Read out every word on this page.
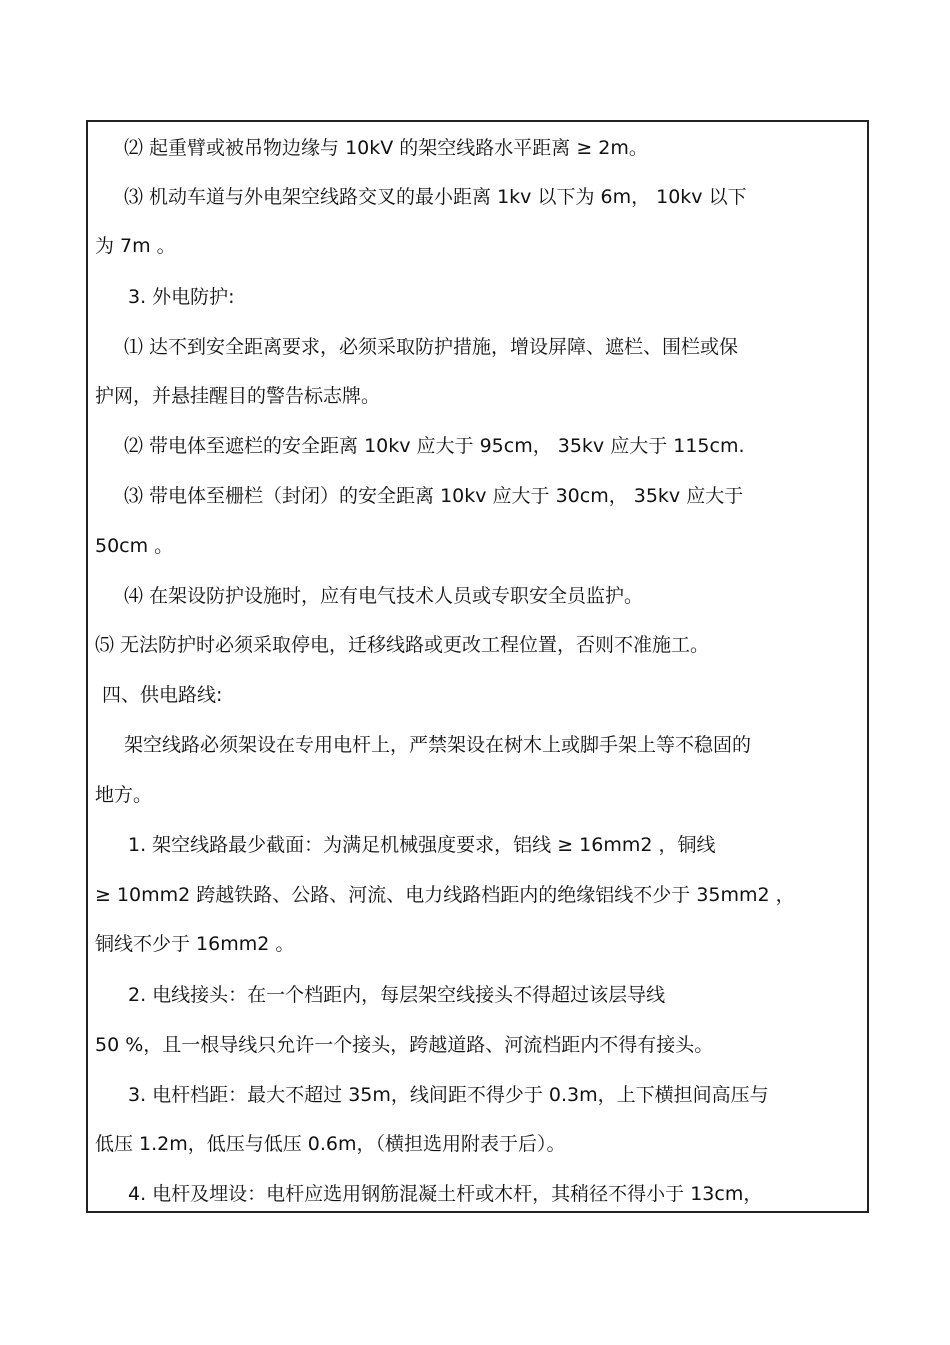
⑵ 起重臂或被吊物边缘与 10kV 的架空线路水平距离 ≥ 2m。
⑶ 机动车道与外电架空线路交叉的最小距离 1kv 以下为 6m， 10kv 以下
为 7m 。
3. 外电防护:
⑴ 达不到安全距离要求，必须采取防护措施，增设屏障、遮栏、围栏或保
护网，并悬挂醒目的警告标志牌。
⑵ 带电体至遮栏的安全距离 10kv 应大于 95cm， 35kv 应大于 115cm.
⑶ 带电体至栅栏（封闭）的安全距离 10kv 应大于 30cm， 35kv 应大于
50cm 。
⑷ 在架设防护设施时，应有电气技术人员或专职安全员监护。
⑸ 无法防护时必须采取停电，迁移线路或更改工程位置，否则不准施工。
四、供电路线:
架空线路必须架设在专用电杆上，严禁架设在树木上或脚手架上等不稳固的
地方。
1. 架空线路最少截面：为满足机械强度要求，铝线 ≥ 16mm2 ，铜线
≥ 10mm2 跨越铁路、公路、河流、电力线路档距内的绝缘铝线不少于 35mm2 ，
铜线不少于 16mm2 。
2. 电线接头：在一个档距内，每层架空线接头不得超过该层导线
50 %，且一根导线只允许一个接头，跨越道路、河流档距内不得有接头。
3. 电杆档距：最大不超过 35m，线间距不得少于 0.3m，上下横担间高压与
低压 1.2m，低压与低压 0.6m，（横担选用附表于后）。
4. 电杆及埋设：电杆应选用钢筋混凝土杆或木杆，其稍径不得小于 13cm，
